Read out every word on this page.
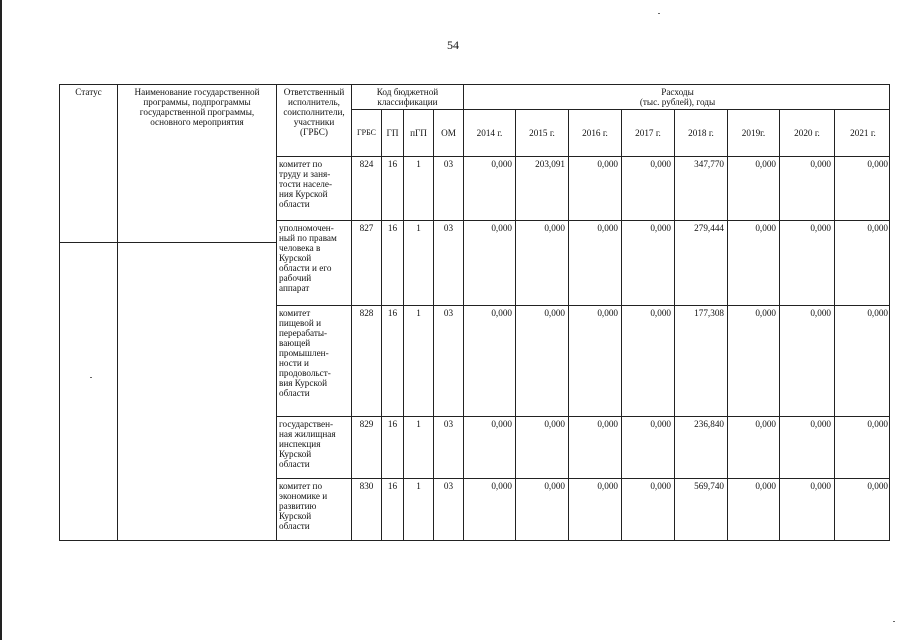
54
Статус	Наименование государственной программы, подпрограммы государственной программы, основного мероприятия
Ответственный исполнитель, соисполнители, участники (ГРБС)
Код бюджетной классификации
Расходы
(тыс. рублей), годы
ГРБС	ГП	пГП	ОМ	2014 г.	2015 г.	2016 г.	2017 г.	2018 г.	2019г.	2020 г.	2021 г.
комитет по
труду и заня-
тости населе-
ния Курской
области
824	16	1	03	0,000	203,091	0,000	0,000	347,770	0,000	0,000	0,000
уполномочен-
ный по правам
человека в
Курской
области и его
рабочий
аппарат
827	16	1	03	0,000	0,000	0,000	0,000	279,444	0,000	0,000	0,000
комитет
пищевой и
перерабаты-
вающей
промышлен-
ности и
продовольст-
вия Курской
области
828	16	1	03	0,000	0,000	0,000	0,000	177,308	0,000	0,000	0,000
государствен-
ная жилищная
инспекция
Курской
области
829	16	1	03	0,000	0,000	0,000	0,000	236,840	0,000	0,000	0,000
комитет по
экономике и
развитию
Курской
области
830	16	1	03	0,000	0,000	0,000	0,000	569,740	0,000	0,000	0,000
